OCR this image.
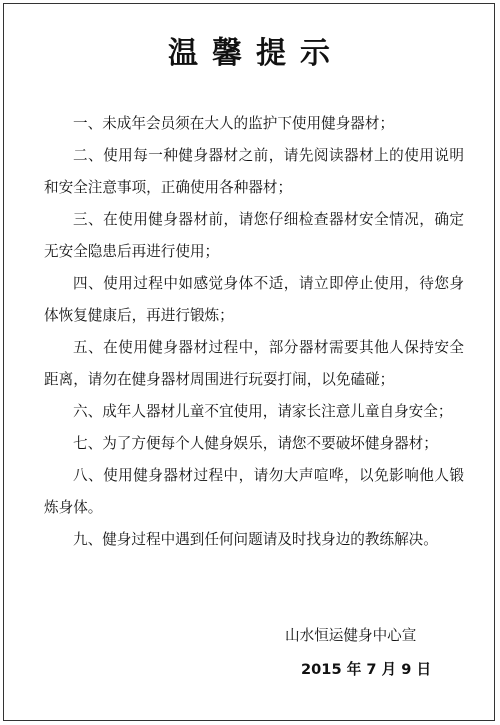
温馨提示

一、未成年会员须在大人的监护下使用健身器材；

二、使用每一种健身器材之前，请先阅读器材上的使用说明和安全注意事项，正确使用各种器材；

三、在使用健身器材前，请您仔细检查器材安全情况，确定无安全隐患后再进行使用；

四、使用过程中如感觉身体不适，请立即停止使用，待您身体恢复健康后，再进行锻炼；

五、在使用健身器材过程中，部分器材需要其他人保持安全距离，请勿在健身器材周围进行玩耍打闹，以免磕碰；

六、成年人器材儿童不宜使用，请家长注意儿童自身安全；

七、为了方便每个人健身娱乐，请您不要破坏健身器材；

八、使用健身器材过程中，请勿大声喧哗，以免影响他人锻炼身体。

九、健身过程中遇到任何问题请及时找身边的教练解决。

山水恒运健身中心宣
2015 年 7 月 9 日
